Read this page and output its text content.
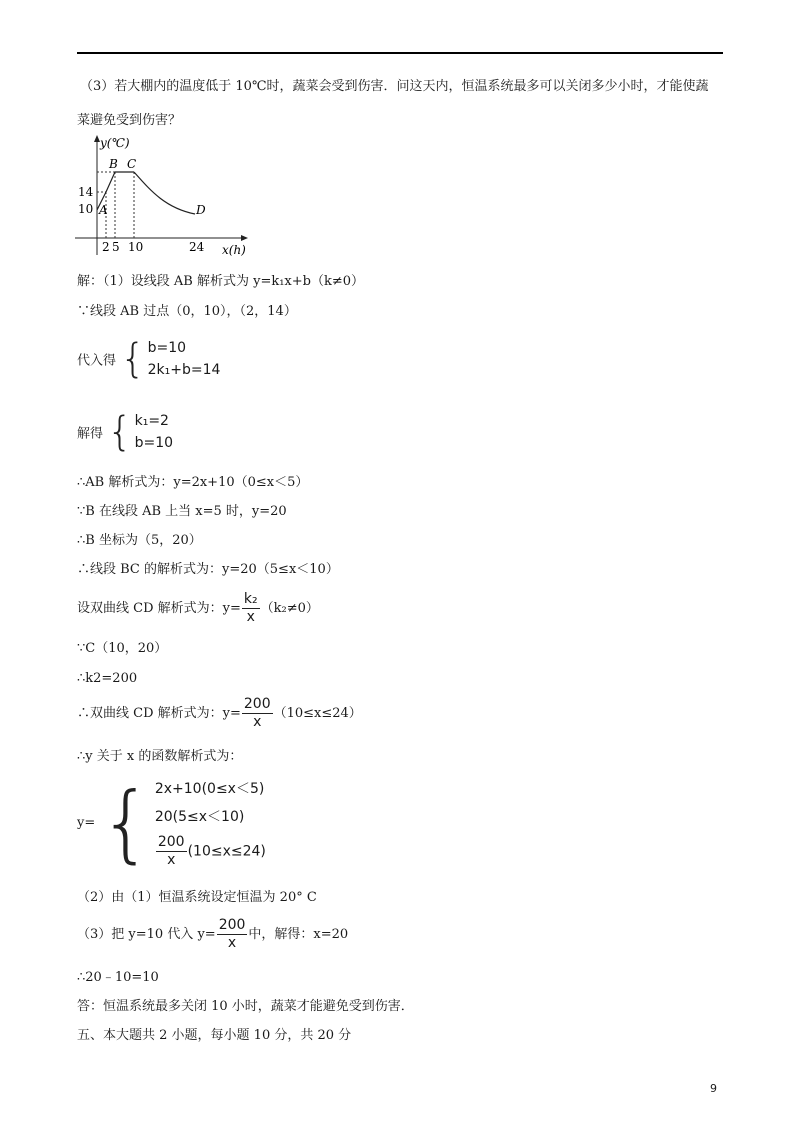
（3）若大棚内的温度低于 10℃时，蔬菜会受到伤害．问这天内，恒温系统最多可以关闭多少小时，才能使蔬
菜避免受到伤害？
y(℃)
x(h)
14
10 A
B C
D
2 5 10	24
解：（1）设线段 AB 解析式为 y=k₁x+b（k≠0）
∵线段 AB 过点（0，10），（2，14）
代入得 { b=10
2k₁+b=14
解得 { k₁=2
b=10
∴AB 解析式为：y=2x+10（0≤x＜5）
∵B 在线段 AB 上当 x=5 时，y=20
∴B 坐标为（5，20）
∴线段 BC 的解析式为：y=20（5≤x＜10）
设双曲线 CD 解析式为：$y= \frac{\text{k₂}}{x} (k_2\ne 0)$
∵C（10，20）
∴k2=200
∴双曲线 CD 解析式为：$y= \frac{200}{x} (10\le x\le 24)$
∴y 关于 x 的函数解析式为：
y= { 2x+10(0≤x＜5)
20(5≤x＜10)
$\frac{200}{x} (10\le x\le 24)$
（2）由（1）恒温系统设定恒温为 20° C
（3）把 y=10 代入 $y= \frac{200}{x}$ 中，解得：x=20
∴20﹣10=10
答：恒温系统最多关闭 10 小时，蔬菜才能避免受到伤害．
五、本大题共 2 小题，每小题 10 分，共 20 分
9
